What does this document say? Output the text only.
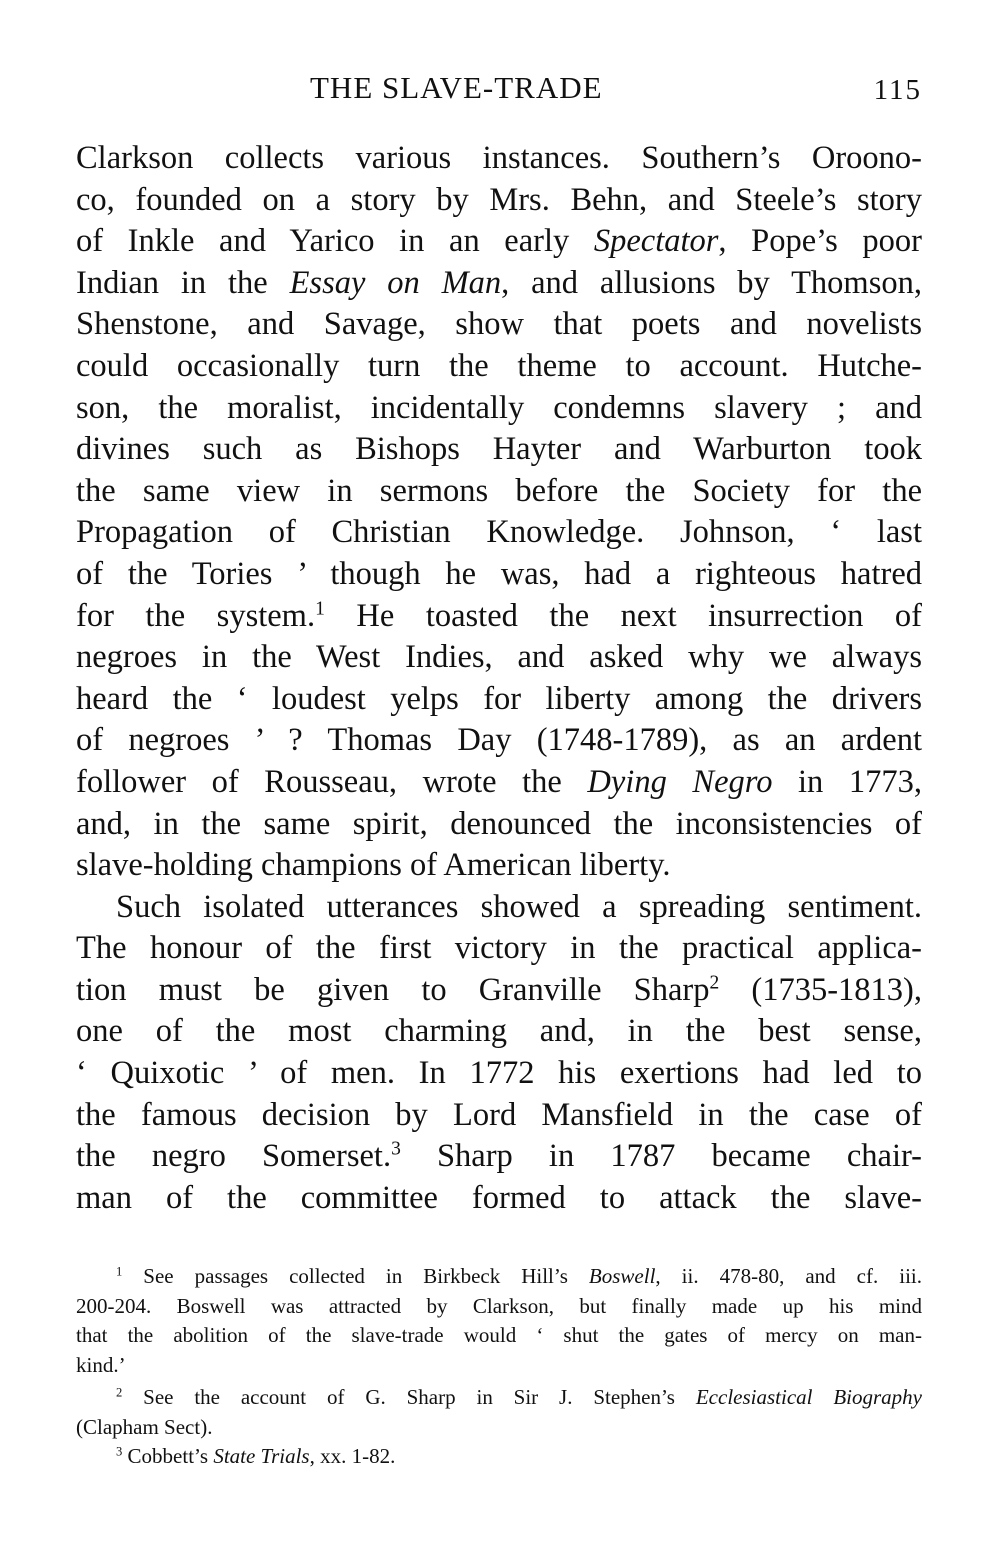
THE SLAVE-TRADE	115
Clarkson collects various instances. Southern’s Oroono-
co, founded on a story by Mrs. Behn, and Steele’s story
of Inkle and Yarico in an early Spectator, Pope’s poor
Indian in the Essay on Man, and allusions by Thomson,
Shenstone, and Savage, show that poets and novelists
could occasionally turn the theme to account. Hutche-
son, the moralist, incidentally condemns slavery ; and
divines such as Bishops Hayter and Warburton took
the same view in sermons before the Society for the
Propagation of Christian Knowledge. Johnson, ‘ last
of the Tories ’ though he was, had a righteous hatred
for the system.$^1$ He toasted the next insurrection of
negroes in the West Indies, and asked why we always
heard the ‘ loudest yelps for liberty among the drivers
of negroes ’ ? Thomas Day (1748-1789), as an ardent
follower of Rousseau, wrote the Dying Negro in 1773,
and, in the same spirit, denounced the inconsistencies of
slave-holding champions of American liberty.
Such isolated utterances showed a spreading sentiment.
The honour of the first victory in the practical applica-
tion must be given to Granville Sharp$^2$ (1735-1813),
one of the most charming and, in the best sense,
‘ Quixotic ’ of men. In 1772 his exertions had led to
the famous decision by Lord Mansfield in the case of
the negro Somerset.$^3$ Sharp in 1787 became chair-
man of the committee formed to attack the slave-
$^1$ See passages collected in Birkbeck Hill’s Boswell, ii. 478-80, and cf. iii.
200-204. Boswell was attracted by Clarkson, but finally made up his mind
that the abolition of the slave-trade would ‘ shut the gates of mercy on man-
kind.’
$^2$ See the account of G. Sharp in Sir J. Stephen’s Ecclesiastical Biography
(Clapham Sect).
$^3$ Cobbett’s State Trials, xx. 1-82.
